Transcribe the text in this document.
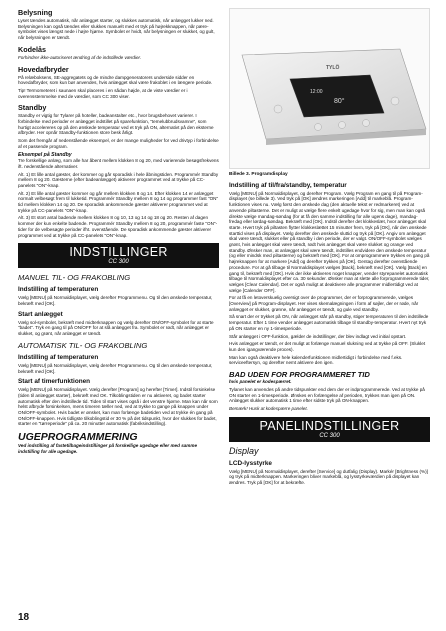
Belysning

Lyset tændes automatisk, når anlægget starter, og slukkes automatisk, når anlægget lukker ned. Belysningen kan også tændes eller slukkes manuelt med et tryk på højrekknappen, når pære-symbolet vises længst nede i højre hjørne. Symbolet er hvidt, når belysningen er slukket, og gult, når belysningen er tændt.

Kodelås

Forhindrer ikke-autoriseret ændring af de indstillede værdier.

Hovedafbryder

På relæboksens, SE-aggregatets og de mindre dampgeneratorers underside sidder en hovedafbryder, som kun bør anvendes, hvis anlægget skal være frakoblet i en længere periode.

Tip! Termometeret i saunaen skal placeres i en sådan højde, at de viste værdier er i overensstemmelse med de værdier, som CC 300 viser.

Standby

Standby er vigtig for Tylarer på hoteller, badeanstalter etc., hvor brugsbehovet varierer. I forbindelse med perioder er anlægget indstillet på sparefunktion, "temelubbrudsvamne", som hurtigt accelereres op på den ønskede temperatur ved et tryk på ON, alternativt på den eksterne afbryder. Her opnår Standby-funktionen store besk årligt.

Som det fremgår af nedenstående eksempel, er der mange muligheder for ved drivtyp i forbindelse af et passende program.

Eksempel på Standby

Tre forskellige anlæg, som alle har åbent mellem klokken 8 og 20, med varierende besøgsfrekvens ift. nedenstående alternativer.

Alt. 1) Et lille antal gæster, der kommer og går sporadisk i hele åbningstiden. Programmér Standby mellem 8 og 20. Gæsterne (efter badeanlægget) aktiverer programmet ved at trykke på CC-panelets "ON"-knap.

Alt. 2) Et lille antal gæster kommer og går mellem klokken 8 og 14. Efter klokken 14 er anlægget normalt velbesøgt frem til lukketid. Programmér Standby mellem 8 og 14 og programmer fast "ON" tid mellem klokken 14 og 20. De sporadisk ankommende gæster aktiverer programmet ved at trykke på CC-panelets "ON"-knap.

Alt. 3) Et stort antal badende mellem klokken 8 og 10, 13 og 14 og 18 og 20. Resten af dagen kommer der kun enkelte badende. Programmér Standby mellem 8 og 20, programmér faste "ON"-tider for de velbesøgte perioder ifht. ovenstående. De sporadisk ankommende gæster aktiverer programmet ved at trykke på CC-panelets "ON"-knap.

INDSTILLINGER
CC 300
MANUEL TIL- OG FRAKOBLING
Indstilling af temperaturen

Vælg [MENU] på Normaldisplayet, vælg derefter Programmenu. Og til den ønskede temperatur, bekræft med [OK].

Start anlægget

Vælg sol-symbolet, bekræft med midterknappen og vælg derefter ON/OFF-symbolet for at starte "badet". Tryk en gang til på ON/OFF for at slå anlægget fra. Symbolet er rødt, når anlægget er slukket, og grønt, når anlægget er tændt.

AUTOMATISK TIL- OG FRAKOBLING
Indstilling af temperaturen

Vælg [MENU] på Normaldisplayet, vælg derefter Programmenu. Og til den ønskede temperatur, bekræft med [OK].

Start af timerfunktionen

Vælg [MENU] på Normaldisplayet. Vælg derefter [Program] og herefter [Timer]. Indstil forsinkelse (tiden til anlægget starter), bekræft med OK. Tilkoblingstiden er nu aktiveret, og badet starter automatisk efter den indstillede tid. Tiden til start vises også i det venstre hjørne. Man kan når som helst afbryde forsinkelsen, mens timeren tæller ned, ved at trykke to gange på knappen under ON/OFF-symbolet. Hvis badet er ønsket, kan man forlænge badetiden ved at trykke én gang på ON/OFF-knappen. Hvis tidligste tilkoblingstid er 30 % på det tidspunkt, hvor der slukkes for badet, starter en "tørreperiode" på ca. 20 minutter automatisk (fabriksindstilling).

UGEPROGRAMMERING

Ved indstilling af fastetilbageindstillinger på forskellige ugedage eller med samme indstilling for alle ugedage.

TYLÖ
12:00
80°
Billede 3. Programdisplay
Indstilling af til/fra/standby, temperatur

Vælg [MENU] på Normaldisplayet, og derefter Program. Vælg Program en gang til på Program-displayet (se billede 3). Ved tryk på [OK] ændres markeringen [Add] til markeblå. Program-funktionen vises nu. Vælg først den ønskede dag (den aktuelle tekst er redmarkeret) ved at anvende piltasterne. Det er muligt at vælge flere enkelt ugedage hvor for sig, men man kan også direkte vælge mandag-søndag (for at få den samme indstilling for alle ugens dage), mandag-fredag eller lørdag-søndag. Bekræft med [OK]. Indstil derefter det klokkeslæt, hvor anlægget skal starte. Hvert tryk på piltasten flytter klokkeslættet 15 minutter frem, tryk på [OK], når den ønskede starttid vises på displayet. Vælg derefter den ønskede sluttid og tryk på [OK]. Angiv om anlægget skal være tændt, slukket eller på standby i den periode, der er valgt. ON/OFF-symbolet vælges grønt, hvis anlægget skal være tændt, rødt hvis anlægget skal være slukket og orange ved standby. Ønsker man, at anlægget skal være tændt, indstilles endvidere den ønskede temperatur (og eller mindsk med piltasterne) og bekræft med [OK]. For at omprogrammere trykkes en gang på højreknappen for at markere [Add] og derefter trykkes på [OK]. Gentag derefter ovenstående procedure. For at gå tilbage til Normaldisplayet vælges [Back], bekræft med [OK]. Vælg [Back] en gang til, bekræft med [OK]. Hvis der ikke aktiveres noget knapper, vender styrepanelet automatisk tilbage til Normaldisplayet efter ca. 30 sekunder. Ønsker man at slette alle forprogrammerede tider, vælges [Clear Calendar]. Det er også muligt at deaktivere alle programmer midlertidigt ved at vælge [Calender OFF].

For at få en letoverskuelig oversigt over de programmer, der er forprogrammerede, vælges [Overview] på Program-displayet. Her vises skemalægningen i form af søjler, der er røde, når anlægget er slukket, grønne, når anlægget er tændt, og gule ved standby.

Så snart der er trykket på ON, når anlægget står på standby, stiger temperaturen til den indstillede temperatur. Efter 1 time vender anlægget automatisk tilbage til standby-temperatur. Hvert nyt tryk på ON starter en ny 1-timesperiode.

Står anlægget i OFF-funktion, gælder de indstillinger, der blev indlagt ved initial opstart.

Hvis anlægget er tændt, er det muligt at forlænge manuel slukning ved at trykke på OFF. (Sluklet kun den igangværende proces).

Man kan også deaktivere hele kalenderfunktionen midlertidigt i forbindelse med f.eks. serviceeftersyn, og derefter nemt aktivere den igen.

BAD UDEN FOR PROGRAMMERET TID

hvis panelet er kodespærret.

Tylanet kan anvendes på andre tidspunkter end dem der er indprogrammerede. Ved at trykke på ON starter en 1-timesperiode. Ønskes en forlængelse af perioden, trykkes man igen på ON. Anlægget slukker automatisk 1 time efter sidste tryk på ON-knappen.

Bemærk! Husk at kodespærre panelet.

PANELINDSTILLINGER
CC 300
Display
LCD-lysstyrke

Vælg [MENU] på Normaldisplayet, derefter [Service] og dutfalig (Display). Markér [Brightness (%)] og tryk på midterknappen. Markeringen bliver markeblå, og lysstyrkeværdien på displayet kan ændres. Tryk på [OK] for at bekræfte.

18
